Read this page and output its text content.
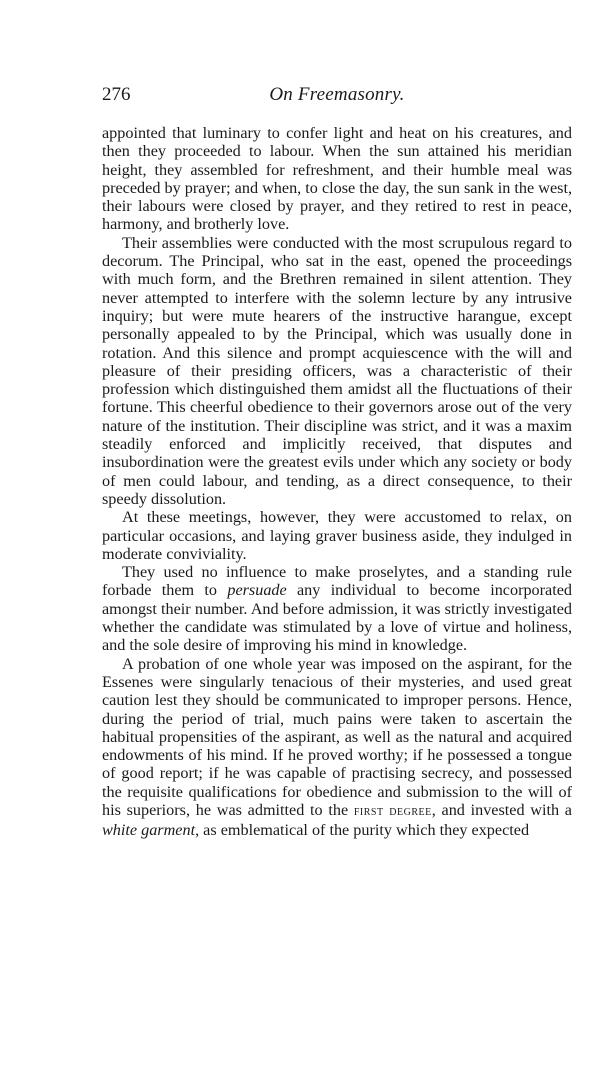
276	On Freemasonry.

appointed that luminary to confer light and heat on his creatures, and then they proceeded to labour. When the sun attained his meridian height, they assembled for refreshment, and their humble meal was preceded by prayer; and when, to close the day, the sun sank in the west, their labours were closed by prayer, and they retired to rest in peace, harmony, and brotherly love.

Their assemblies were conducted with the most scrupulous regard to decorum. The Principal, who sat in the east, opened the proceedings with much form, and the Brethren remained in silent attention. They never attempted to interfere with the solemn lecture by any intrusive inquiry; but were mute hearers of the instructive harangue, except personally appealed to by the Principal, which was usually done in rotation. And this silence and prompt acquiescence with the will and pleasure of their presiding officers, was a characteristic of their profession which distinguished them amidst all the fluctuations of their fortune. This cheerful obedience to their governors arose out of the very nature of the institution. Their discipline was strict, and it was a maxim steadily enforced and implicitly received, that disputes and insubordination were the greatest evils under which any society or body of men could labour, and tending, as a direct consequence, to their speedy dissolution.

At these meetings, however, they were accustomed to relax, on particular occasions, and laying graver business aside, they indulged in moderate conviviality.

They used no influence to make proselytes, and a standing rule forbade them to persuade any individual to become incorporated amongst their number. And before admission, it was strictly investigated whether the candidate was stimulated by a love of virtue and holiness, and the sole desire of improving his mind in knowledge.

A probation of one whole year was imposed on the aspirant, for the Essenes were singularly tenacious of their mysteries, and used great caution lest they should be communicated to improper persons. Hence, during the period of trial, much pains were taken to ascertain the habitual propensities of the aspirant, as well as the natural and acquired endowments of his mind. If he proved worthy; if he possessed a tongue of good report; if he was capable of practising secrecy, and possessed the requisite qualifications for obedience and submission to the will of his superiors, he was admitted to the first degree, and invested with a white garment, as emblematical of the purity which they expected
